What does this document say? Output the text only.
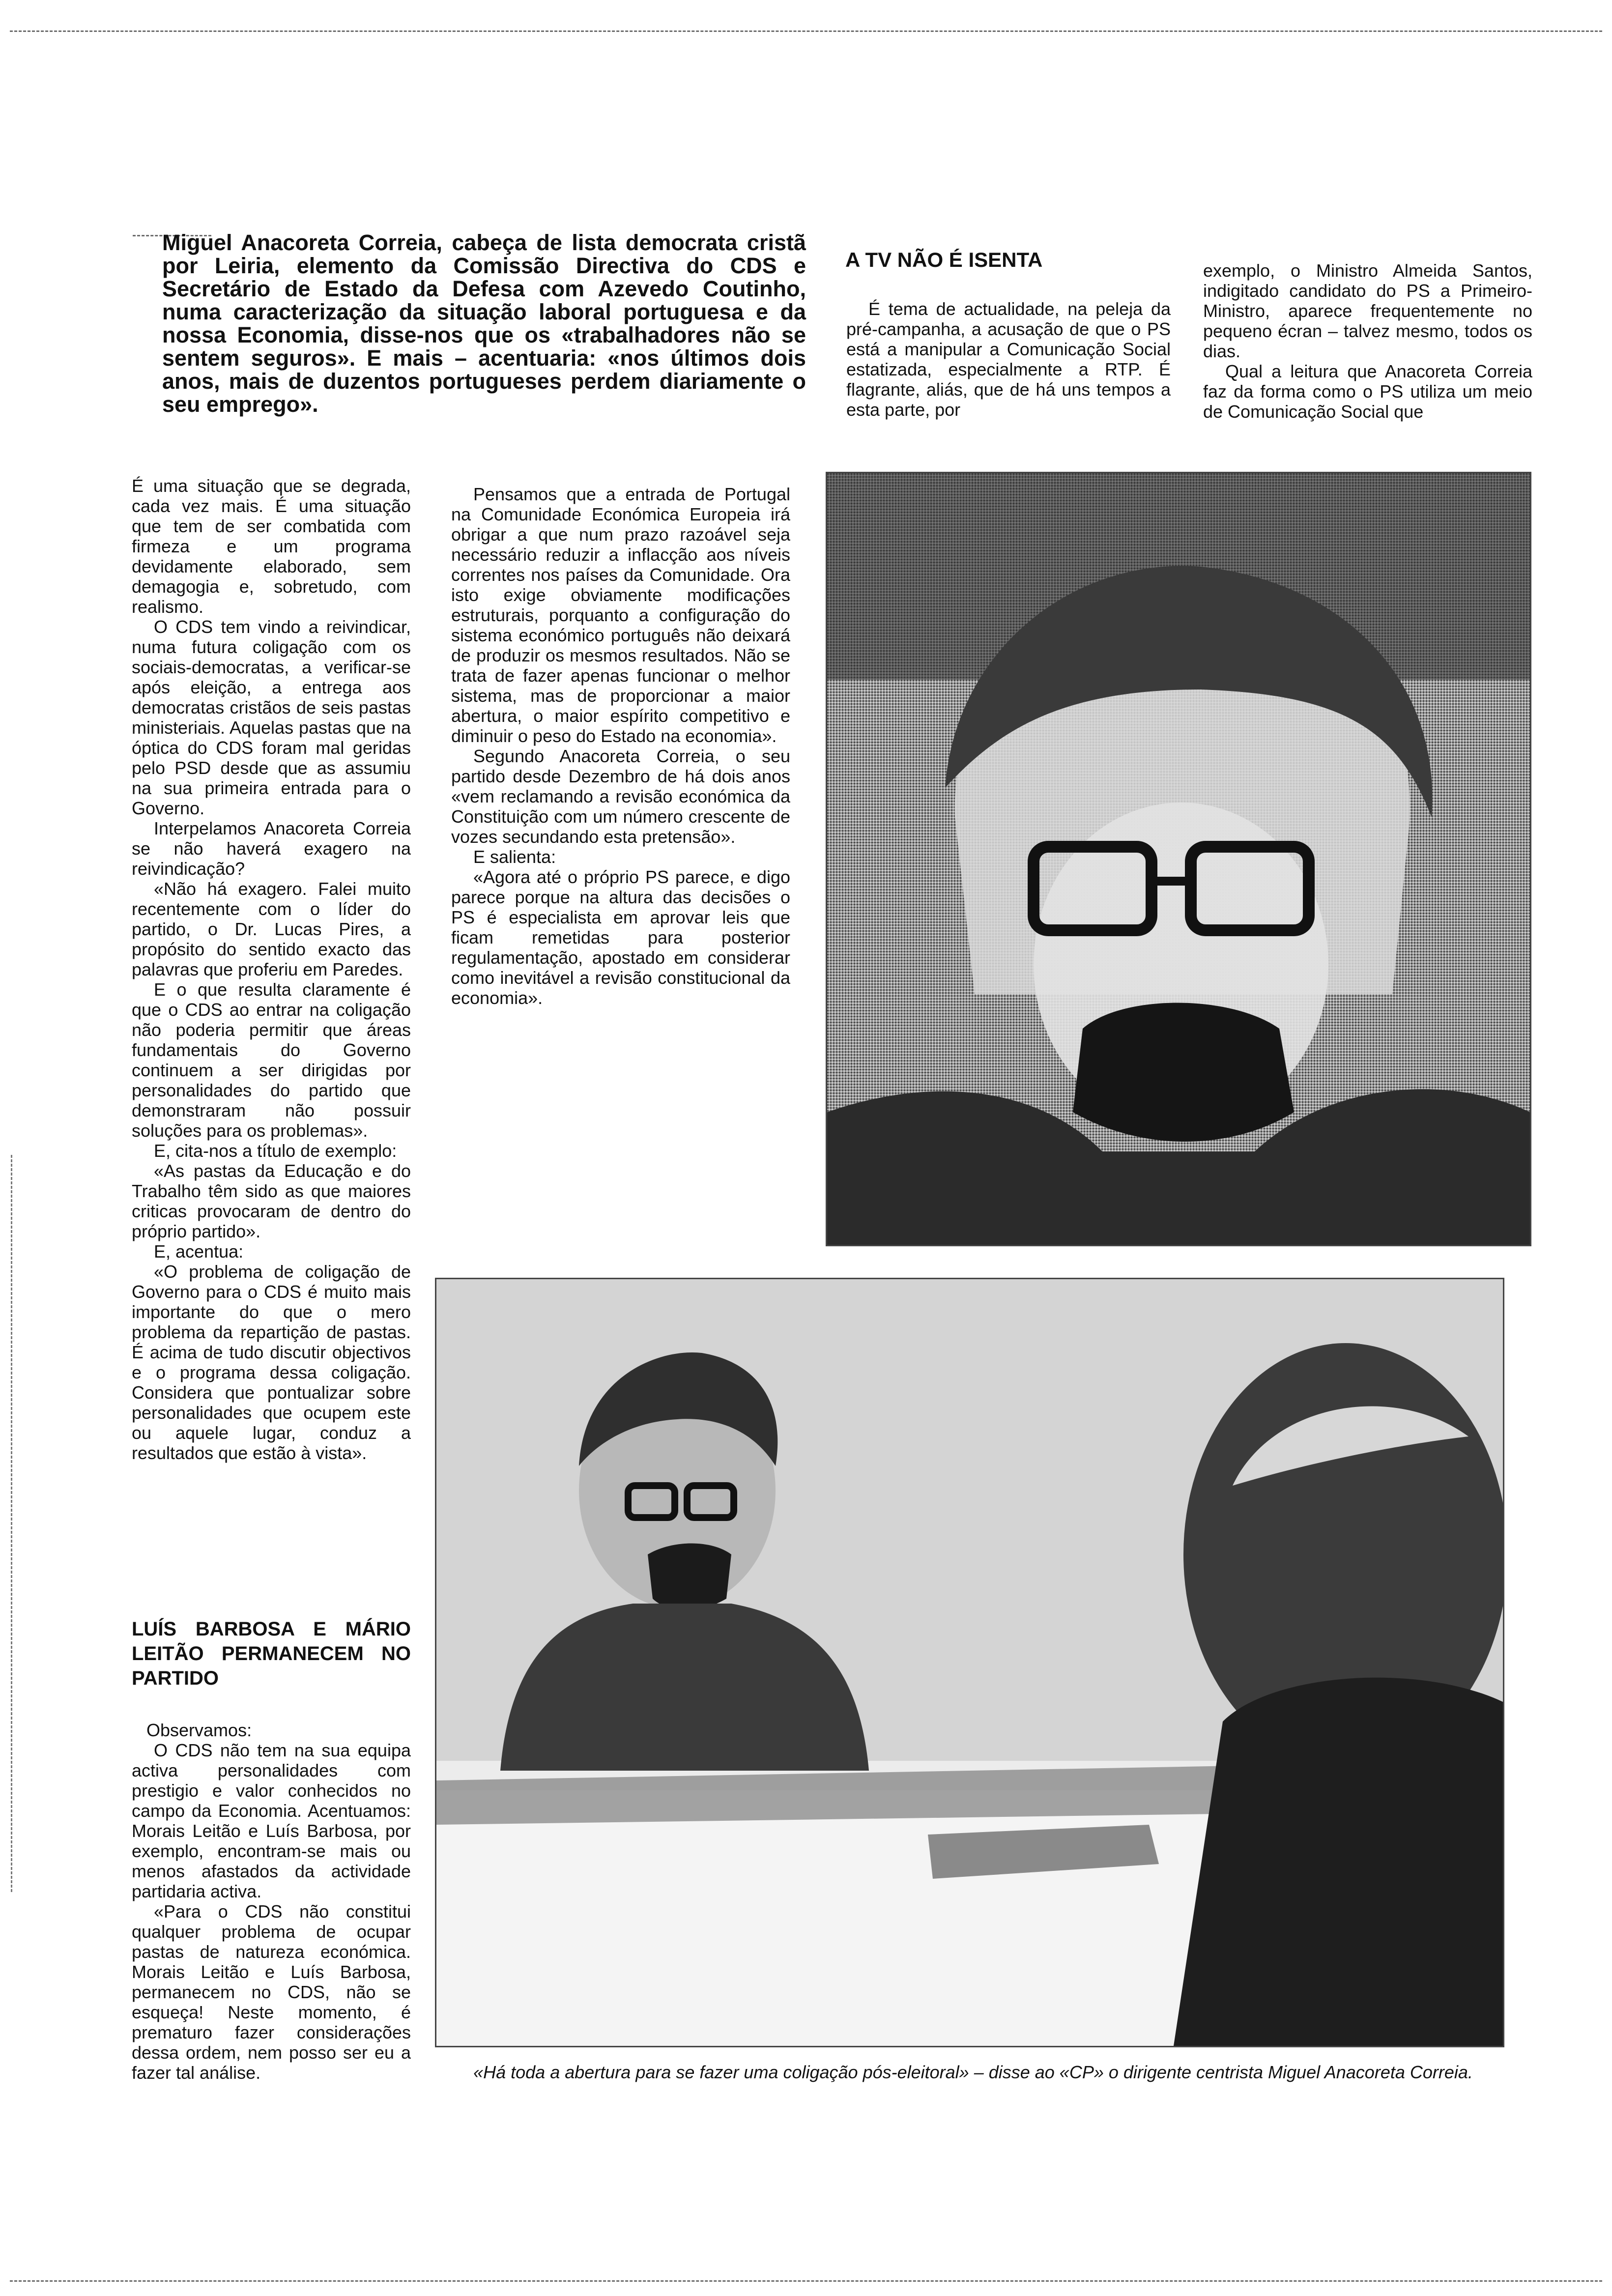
Miguel Anacoreta Correia, cabeça de lista democrata cristã por Leiria, elemento da Comissão Directiva do CDS e Secretário de Estado da Defesa com Azevedo Coutinho, numa caracterização da situação laboral portuguesa e da nossa Economia, disse-nos que os «trabalhadores não se sentem seguros». E mais – acentuaria: «nos últimos dois anos, mais de duzentos portugueses perdem diariamente o seu emprego».

É uma situação que se degrada, cada vez mais. É uma situação que tem de ser combatida com firmeza e um programa devidamente elaborado, sem demagogia e, sobretudo, com realismo.

O CDS tem vindo a reivindicar, numa futura coligação com os sociais-democratas, a verificar-se após eleição, a entrega aos democratas cristãos de seis pastas ministeriais. Aquelas pastas que na óptica do CDS foram mal geridas pelo PSD desde que as assumiu na sua primeira entrada para o Governo.

Interpelamos Anacoreta Correia se não haverá exagero na reivindicação?

«Não há exagero. Falei muito recentemente com o líder do partido, o Dr. Lucas Pires, a propósito do sentido exacto das palavras que proferiu em Paredes.

E o que resulta claramente é que o CDS ao entrar na coligação não poderia permitir que áreas fundamentais do Governo continuem a ser dirigidas por personalidades do partido que demonstraram não possuir soluções para os problemas».

E, cita-nos a título de exemplo:

«As pastas da Educação e do Trabalho têm sido as que maiores criticas provocaram de dentro do próprio partido».

E, acentua:

«O problema de coligação de Governo para o CDS é muito mais importante do que o mero problema da repartição de pastas. É acima de tudo discutir objectivos e o programa dessa coligação. Considera que pontualizar sobre personalidades que ocupem este ou aquele lugar, conduz a resultados que estão à vista».

LUÍS BARBOSA E MÁRIO LEITÃO PERMANECEM NO PARTIDO

Observamos:

O CDS não tem na sua equipa activa personalidades com prestigio e valor conhecidos no campo da Economia. Acentuamos: Morais Leitão e Luís Barbosa, por exemplo, encontram-se mais ou menos afastados da actividade partidaria activa.

«Para o CDS não constitui qualquer problema de ocupar pastas de natureza económica. Morais Leitão e Luís Barbosa, permanecem no CDS, não se esqueça! Neste momento, é prematuro fazer considerações dessa ordem, nem posso ser eu a fazer tal análise.

Pensamos que a entrada de Portugal na Comunidade Económica Europeia irá obrigar a que num prazo razoável seja necessário reduzir a inflacção aos níveis correntes nos países da Comunidade. Ora isto exige obviamente modificações estruturais, porquanto a configuração do sistema económico português não deixará de produzir os mesmos resultados. Não se trata de fazer apenas funcionar o melhor sistema, mas de proporcionar a maior abertura, o maior espírito competitivo e diminuir o peso do Estado na economia».

Segundo Anacoreta Correia, o seu partido desde Dezembro de há dois anos «vem reclamando a revisão económica da Constituição com um número crescente de vozes secundando esta pretensão».

E salienta:

«Agora até o próprio PS parece, e digo parece porque na altura das decisões o PS é especialista em aprovar leis que ficam remetidas para posterior regulamentação, apostado em considerar como inevitável a revisão constitucional da economia».

A TV NÃO É ISENTA

É tema de actualidade, na peleja da pré-campanha, a acusação de que o PS está a manipular a Comunicação Social estatizada, especialmente a RTP. É flagrante, aliás, que de há uns tempos a esta parte, por

exemplo, o Ministro Almeida Santos, indigitado candidato do PS a Primeiro-Ministro, aparece frequentemente no pequeno écran – talvez mesmo, todos os dias.

Qual a leitura que Anacoreta Correia faz da forma como o PS utiliza um meio de Comunicação Social que

«Há toda a abertura para se fazer uma coligação pós-eleitoral» – disse ao «CP» o dirigente centrista Miguel Anacoreta Correia.
